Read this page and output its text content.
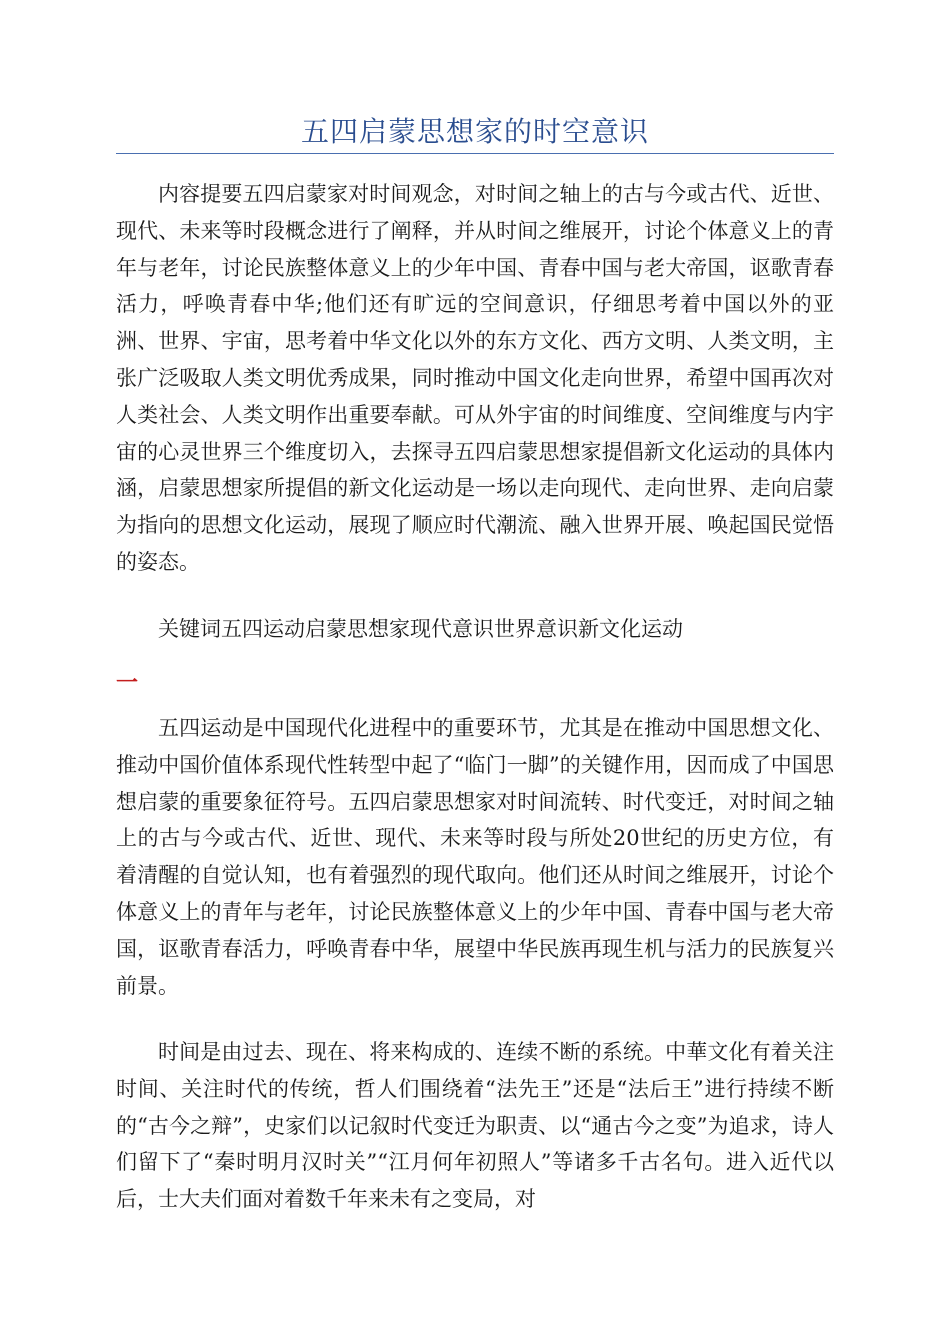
五四启蒙思想家的时空意识

内容提要五四启蒙家对时间观念，对时间之轴上的古与今或古代、近世、现代、未来等时段概念进行了阐释，并从时间之维展开，讨论个体意义上的青年与老年，讨论民族整体意义上的少年中国、青春中国与老大帝国，讴歌青春活力，呼唤青春中华;他们还有旷远的空间意识，仔细思考着中国以外的亚洲、世界、宇宙，思考着中华文化以外的东方文化、西方文明、人类文明，主张广泛吸取人类文明优秀成果，同时推动中国文化走向世界，希望中国再次对人类社会、人类文明作出重要奉献。可从外宇宙的时间维度、空间维度与内宇宙的心灵世界三个维度切入，去探寻五四启蒙思想家提倡新文化运动的具体内涵，启蒙思想家所提倡的新文化运动是一场以走向现代、走向世界、走向启蒙为指向的思想文化运动，展现了顺应时代潮流、融入世界开展、唤起国民觉悟的姿态。

关键词五四运动启蒙思想家现代意识世界意识新文化运动

一

五四运动是中国现代化进程中的重要环节，尤其是在推动中国思想文化、推动中国价值体系现代性转型中起了“临门一脚”的关键作用，因而成了中国思想启蒙的重要象征符号。五四启蒙思想家对时间流转、时代变迁，对时间之轴上的古与今或古代、近世、现代、未来等时段与所处20世纪的历史方位，有着清醒的自觉认知，也有着强烈的现代取向。他们还从时间之维展开，讨论个体意义上的青年与老年，讨论民族整体意义上的少年中国、青春中国与老大帝国，讴歌青春活力，呼唤青春中华，展望中华民族再现生机与活力的民族复兴前景。

时间是由过去、现在、将来构成的、连续不断的系统。中華文化有着关注时间、关注时代的传统，哲人们围绕着“法先王”还是“法后王”进行持续不断的“古今之辩”，史家们以记叙时代变迁为职责、以“通古今之变”为追求，诗人们留下了“秦时明月汉时关”“江月何年初照人”等诸多千古名句。进入近代以后，士大夫们面对着数千年来未有之变局，对
